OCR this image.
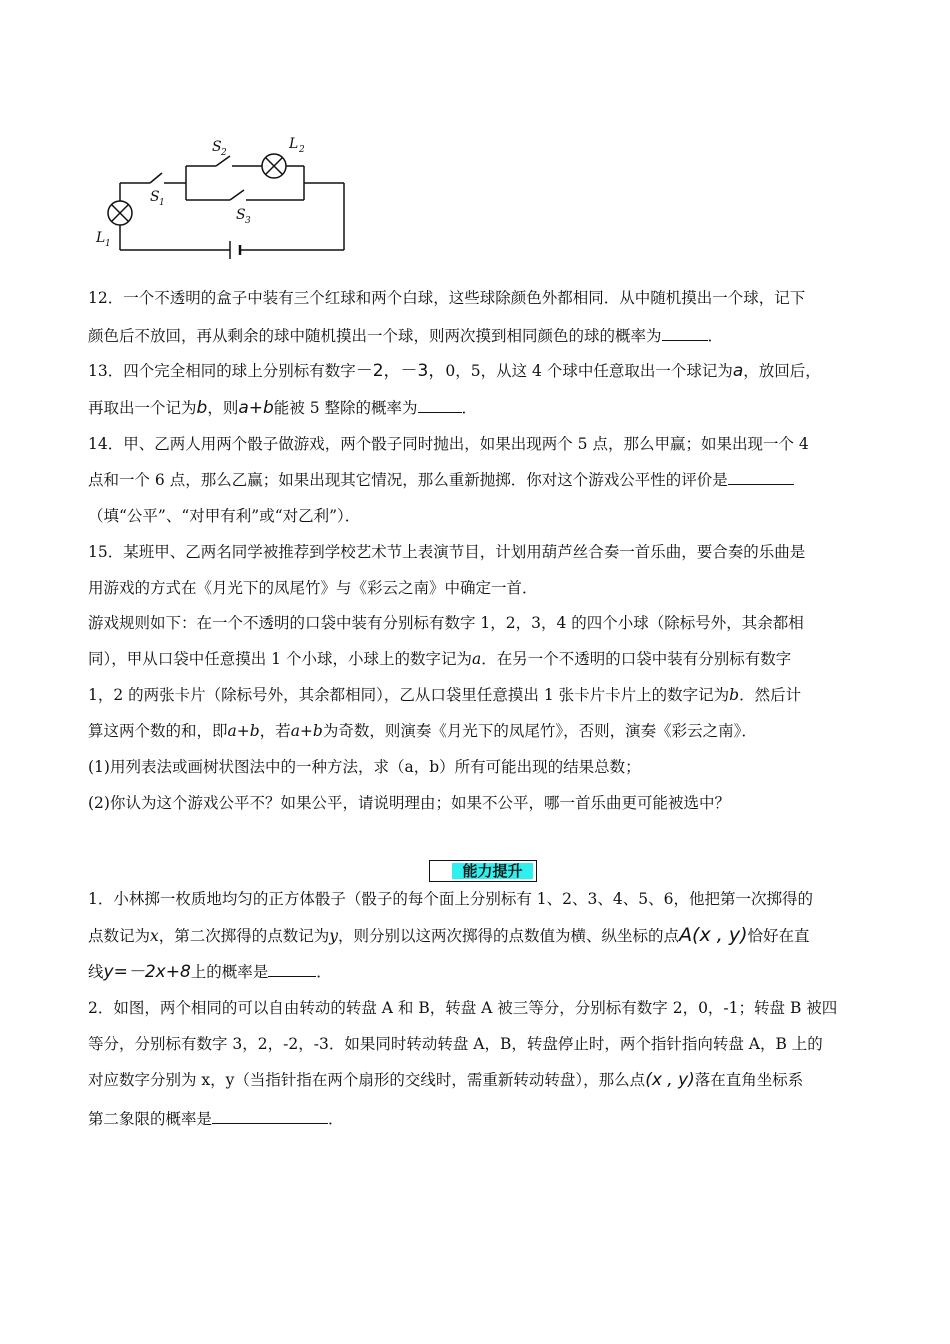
S 2
L 2
S 1
S 3
L 1
12．一个不透明的盒子中装有三个红球和两个白球，这些球除颜色外都相同．从中随机摸出一个球，记下
颜色后不放回，再从剩余的球中随机摸出一个球，则两次摸到相同颜色的球的概率为	．
13．四个完全相同的球上分别标有数字－2，－3，0，5，从这 4 个球中任意取出一个球记为a，放回后，
再取出一个记为b，则a+b能被 5 整除的概率为	．
14．甲、乙两人用两个骰子做游戏，两个骰子同时抛出，如果出现两个 5 点，那么甲赢；如果出现一个 4
点和一个 6 点，那么乙赢；如果出现其它情况，那么重新抛掷．你对这个游戏公平性的评价是
（填“公平”、“对甲有利”或“对乙利”）．
15．某班甲、乙两名同学被推荐到学校艺术节上表演节目，计划用葫芦丝合奏一首乐曲，要合奏的乐曲是
用游戏的方式在《月光下的凤尾竹》与《彩云之南》中确定一首．
游戏规则如下：在一个不透明的口袋中装有分别标有数字 1，2，3，4 的四个小球（除标号外，其余都相
同），甲从口袋中任意摸出 1 个小球，小球上的数字记为a．在另一个不透明的口袋中装有分别标有数字
1，2 的两张卡片（除标号外，其余都相同），乙从口袋里任意摸出 1 张卡片卡片上的数字记为b．然后计
算这两个数的和，即a+b，若a+b为奇数，则演奏《月光下的凤尾竹》，否则，演奏《彩云之南》．
(1)用列表法或画树状图法中的一种方法，求（a，b）所有可能出现的结果总数；
(2)你认为这个游戏公平不？如果公平，请说明理由；如果不公平，哪一首乐曲更可能被选中？
能力提升
1．小林掷一枚质地均匀的正方体骰子（骰子的每个面上分别标有 1、2、3、4、5、6，他把第一次掷得的
点数记为x，第二次掷得的点数记为y，则分别以这两次掷得的点数值为横、纵坐标的点A(x , y)恰好在直
线y=－2x+8上的概率是	．
2．如图，两个相同的可以自由转动的转盘 A 和 B，转盘 A 被三等分，分别标有数字 2，0，-1；转盘 B 被四
等分，分别标有数字 3，2，-2，-3．如果同时转动转盘 A，B，转盘停止时，两个指针指向转盘 A，B 上的
对应数字分别为 x，y（当指针指在两个扇形的交线时，需重新转动转盘），那么点(x , y)落在直角坐标系
第二象限的概率是	．
